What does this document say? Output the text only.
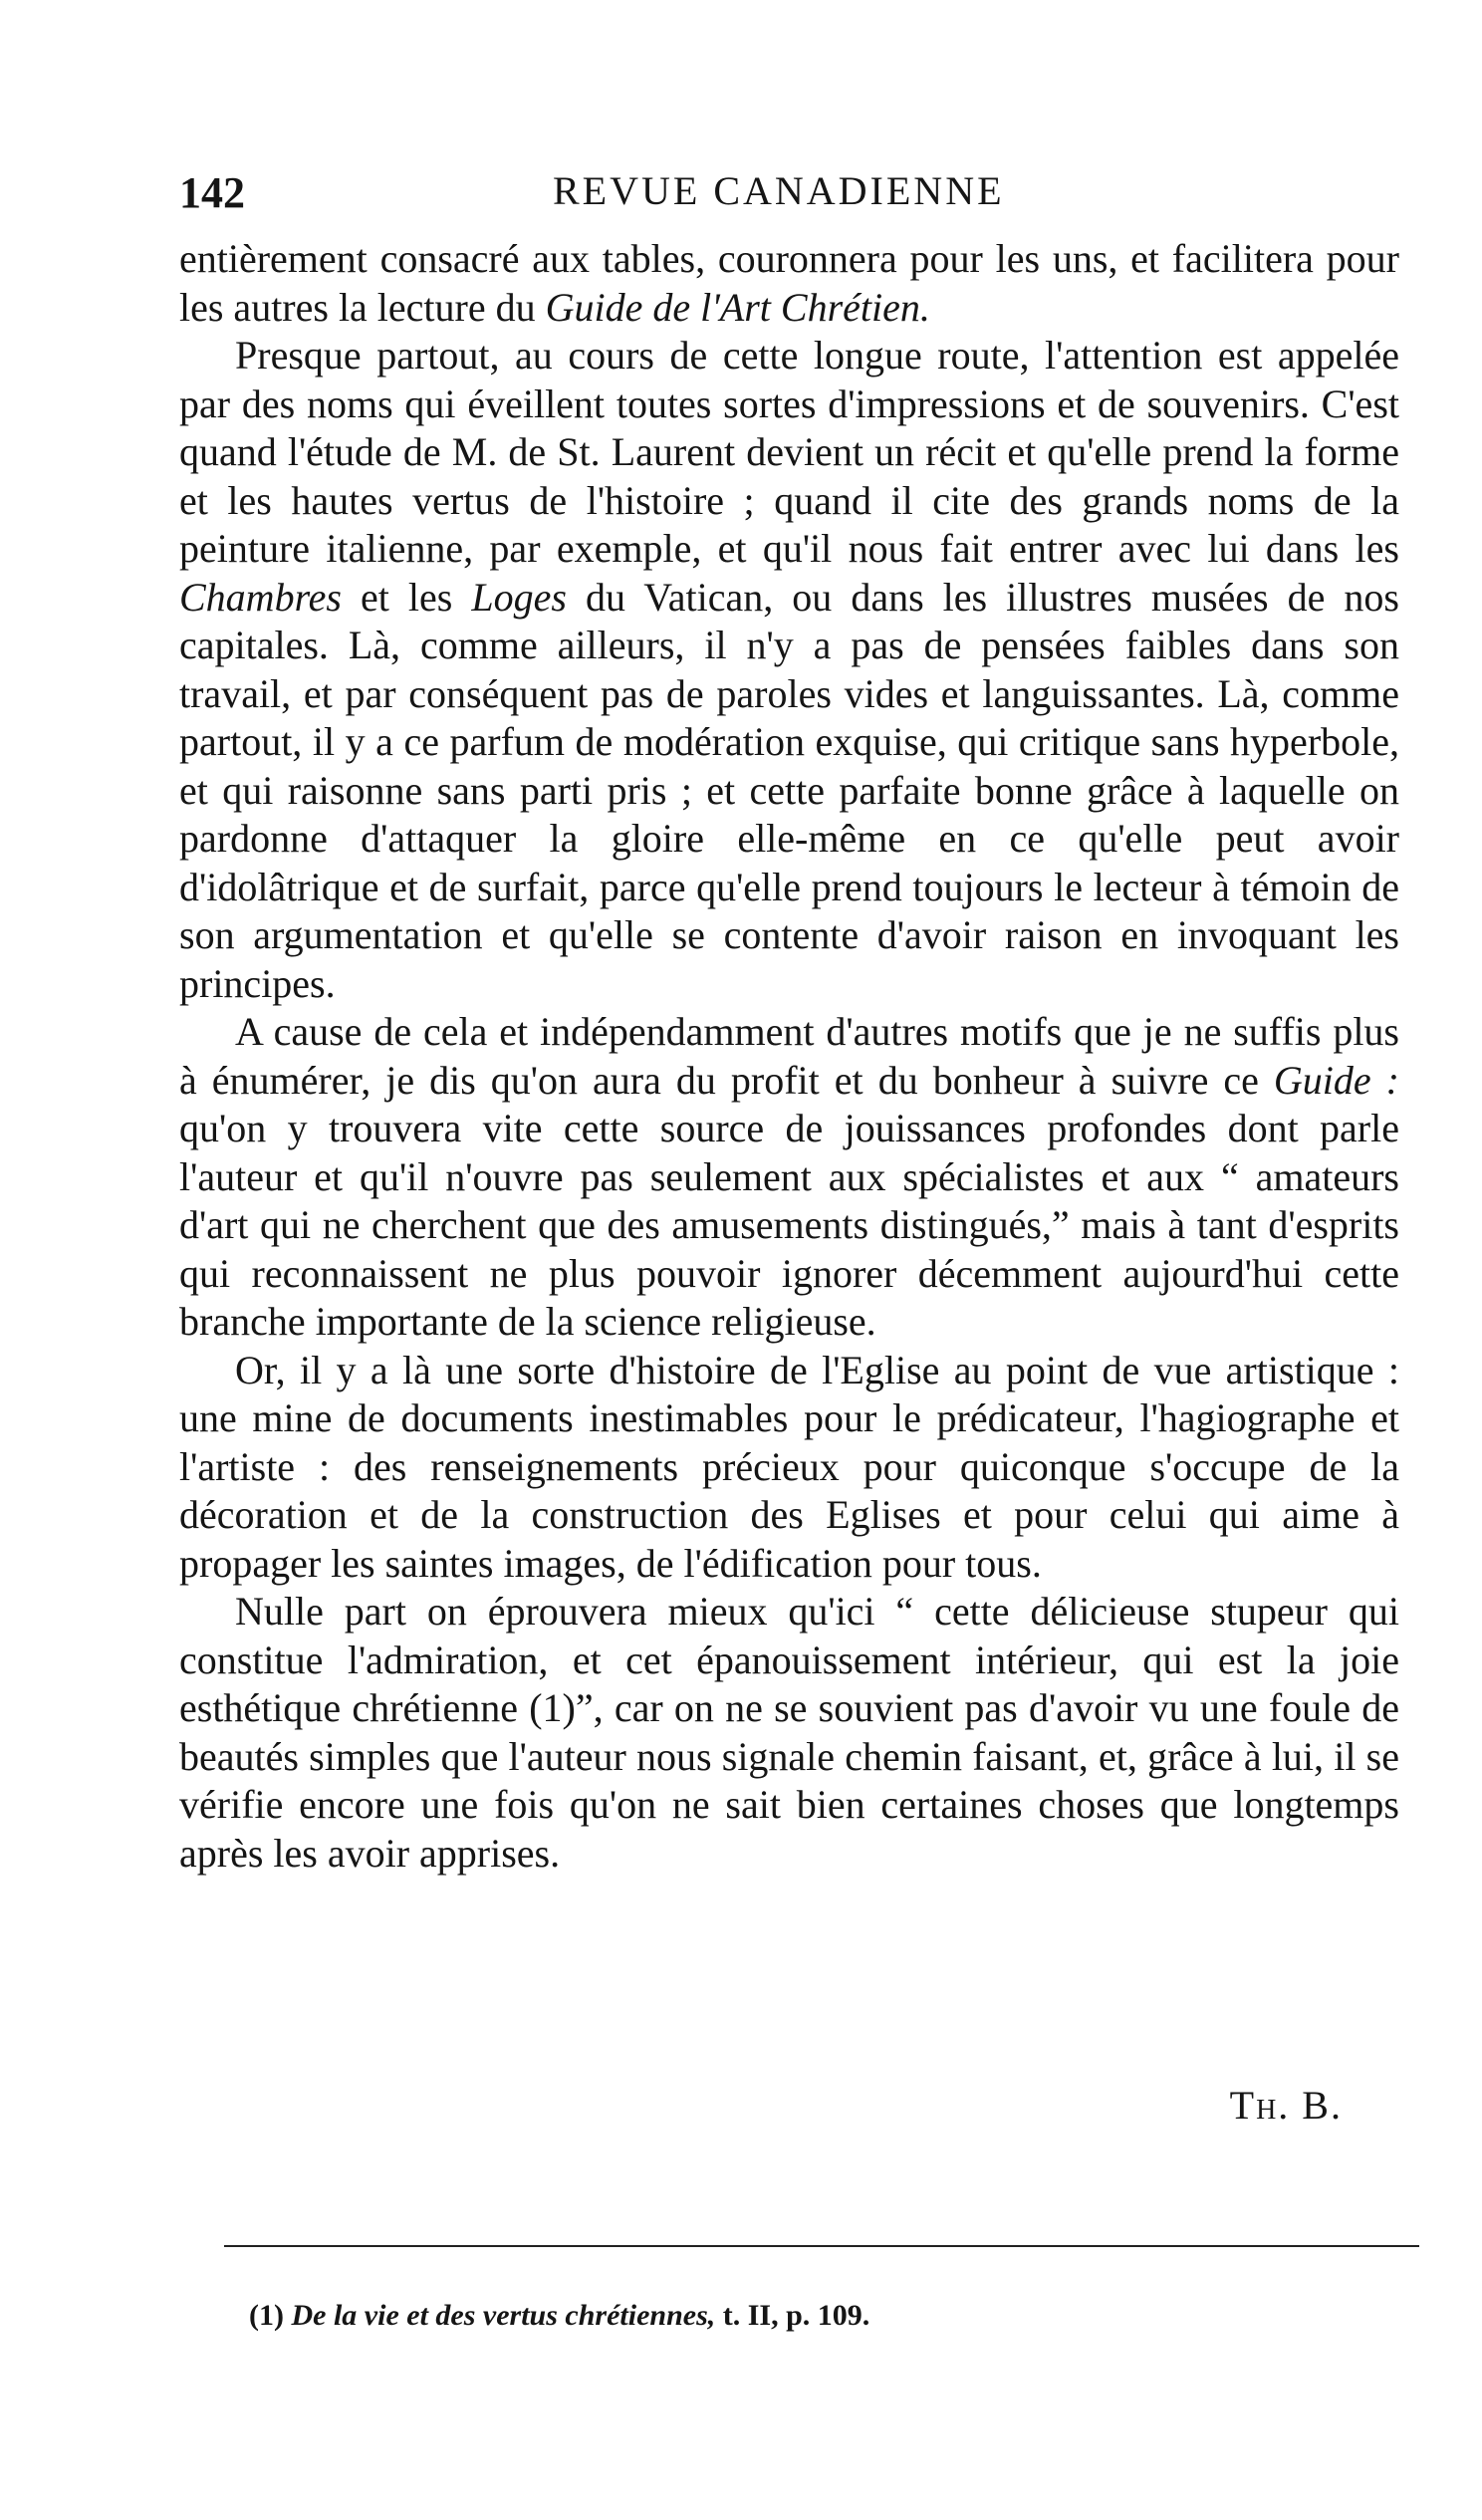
142	REVUE CANADIENNE

entièrement consacré aux tables, couronnera pour les uns, et facilitera pour les autres la lecture du Guide de l'Art Chrétien.

Presque partout, au cours de cette longue route, l'attention est appelée par des noms qui éveillent toutes sortes d'impressions et de souvenirs. C'est quand l'étude de M. de St. Laurent devient un récit et qu'elle prend la forme et les hautes vertus de l'histoire ; quand il cite des grands noms de la peinture italienne, par exemple, et qu'il nous fait entrer avec lui dans les Chambres et les Loges du Vatican, ou dans les illustres musées de nos capitales. Là, comme ailleurs, il n'y a pas de pensées faibles dans son travail, et par conséquent pas de paroles vides et languissantes. Là, comme partout, il y a ce parfum de modération exquise, qui critique sans hyperbole, et qui raisonne sans parti pris ; et cette parfaite bonne grâce à laquelle on pardonne d'attaquer la gloire elle-même en ce qu'elle peut avoir d'idolâtrique et de surfait, parce qu'elle prend toujours le lecteur à témoin de son argumentation et qu'elle se contente d'avoir raison en invoquant les principes.

A cause de cela et indépendamment d'autres motifs que je ne suffis plus à énumérer, je dis qu'on aura du profit et du bonheur à suivre ce Guide : qu'on y trouvera vite cette source de jouissances profondes dont parle l'auteur et qu'il n'ouvre pas seulement aux spécialistes et aux “ amateurs d'art qui ne cherchent que des amusements distingués,” mais à tant d'esprits qui reconnaissent ne plus pouvoir ignorer décemment aujourd'hui cette branche importante de la science religieuse.

Or, il y a là une sorte d'histoire de l'Eglise au point de vue artistique : une mine de documents inestimables pour le prédicateur, l'hagiographe et l'artiste : des renseignements précieux pour quiconque s'occupe de la décoration et de la construction des Eglises et pour celui qui aime à propager les saintes images, de l'édification pour tous.

Nulle part on éprouvera mieux qu'ici “ cette délicieuse stupeur qui constitue l'admiration, et cet épanouissement intérieur, qui est la joie esthétique chrétienne (1)”, car on ne se souvient pas d'avoir vu une foule de beautés simples que l'auteur nous signale chemin faisant, et, grâce à lui, il se vérifie encore une fois qu'on ne sait bien certaines choses que longtemps après les avoir apprises.

Th. B.
(1) De la vie et des vertus chrétiennes, t. II, p. 109.
